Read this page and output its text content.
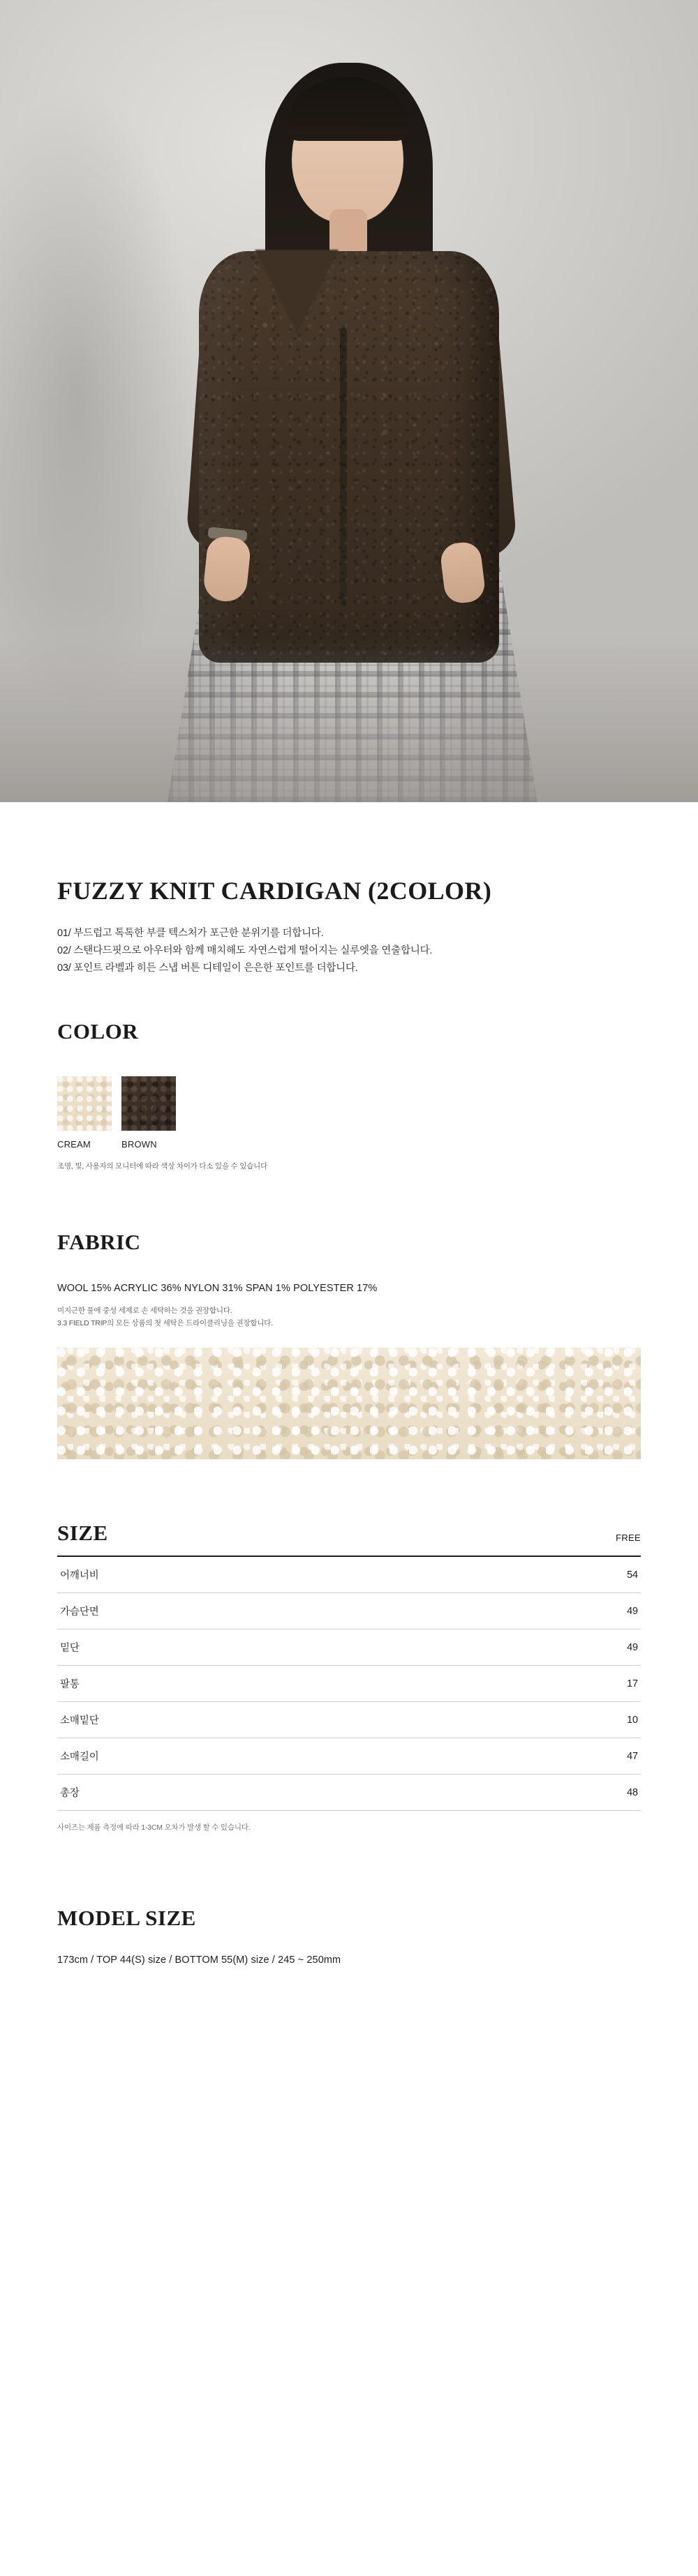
FUZZY KNIT CARDIGAN (2COLOR)

01/ 부드럽고 톡톡한 부클 텍스처가 포근한 분위기를 더합니다.

02/ 스탠다드핏으로 아우터와 함께 매치해도 자연스럽게 떨어지는 실루엣을 연출합니다.

03/ 포인트 라벨과 히든 스냅 버튼 디테일이 은은한 포인트를 더합니다.

COLOR
CREAM	BROWN

조명, 빛, 사용자의 모니터에 따라 색상 차이가 다소 있을 수 있습니다

FABRIC

WOOL 15% ACRYLIC 36% NYLON 31% SPAN 1% POLYESTER 17%

미지근한 물에 중성 세제로 손 세탁하는 것을 권장합니다.

3.3 FIELD TRIP의 모든 상품의 첫 세탁은 드라이클리닝을 권장합니다.

SIZE	FREE
어깨너비	54
가슴단면	49
밑단	49
팔통	17
소매밑단	10
소매길이	47
총장	48

사이즈는 제품 측정에 따라 1-3CM 오차가 발생 할 수 있습니다.

MODEL SIZE

173cm / TOP 44(S) size / BOTTOM 55(M) size / 245 ~ 250mm
